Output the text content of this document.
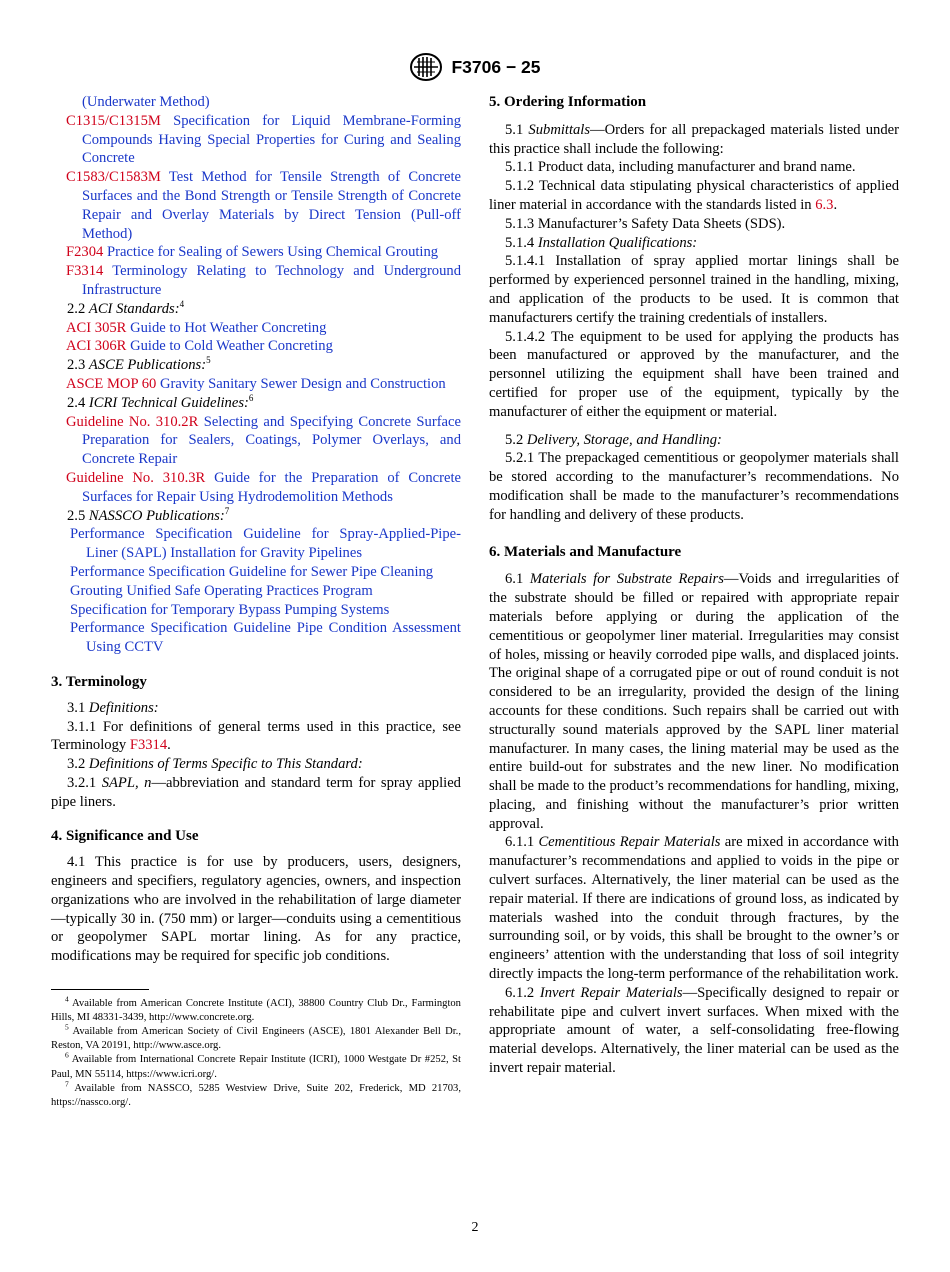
F3706 − 25

(Underwater Method)

C1315/C1315M Specification for Liquid Membrane-Forming Compounds Having Special Properties for Curing and Sealing Concrete

C1583/C1583M Test Method for Tensile Strength of Concrete Surfaces and the Bond Strength or Tensile Strength of Concrete Repair and Overlay Materials by Direct Tension (Pull-off Method)

F2304 Practice for Sealing of Sewers Using Chemical Grouting

F3314 Terminology Relating to Technology and Underground Infrastructure

2.2 ACI Standards:$^4$

ACI 305R Guide to Hot Weather Concreting

ACI 306R Guide to Cold Weather Concreting

2.3 ASCE Publications:$^5$

ASCE MOP 60 Gravity Sanitary Sewer Design and Construction

2.4 ICRI Technical Guidelines:$^6$

Guideline No. 310.2R Selecting and Specifying Concrete Surface Preparation for Sealers, Coatings, Polymer Overlays, and Concrete Repair

Guideline No. 310.3R Guide for the Preparation of Concrete Surfaces for Repair Using Hydrodemolition Methods

2.5 NASSCO Publications:$^7$

Performance Specification Guideline for Spray-Applied-Pipe-Liner (SAPL) Installation for Gravity Pipelines

Performance Specification Guideline for Sewer Pipe Cleaning

Grouting Unified Safe Operating Practices Program

Specification for Temporary Bypass Pumping Systems

Performance Specification Guideline Pipe Condition Assessment Using CCTV

3. Terminology

3.1 Definitions:

3.1.1 For definitions of general terms used in this practice, see Terminology F3314.

3.2 Definitions of Terms Specific to This Standard:

3.2.1 SAPL, n—abbreviation and standard term for spray applied pipe liners.

4. Significance and Use

4.1 This practice is for use by producers, users, designers, engineers and specifiers, regulatory agencies, owners, and inspection organizations who are involved in the rehabilitation of large diameter—typically 30 in. (750 mm) or larger—conduits using a cementitious or geopolymer SAPL mortar lining. As for any practice, modifications may be required for specific job conditions.

$^4$ Available from American Concrete Institute (ACI), 38800 Country Club Dr., Farmington Hills, MI 48331-3439, http://www.concrete.org.

$^5$ Available from American Society of Civil Engineers (ASCE), 1801 Alexander Bell Dr., Reston, VA 20191, http://www.asce.org.

$^6$ Available from International Concrete Repair Institute (ICRI), 1000 Westgate Dr #252, St Paul, MN 55114, https://www.icri.org/.

$^7$ Available from NASSCO, 5285 Westview Drive, Suite 202, Frederick, MD 21703, https://nassco.org/.

5. Ordering Information

5.1 Submittals—Orders for all prepackaged materials listed under this practice shall include the following:

5.1.1 Product data, including manufacturer and brand name.

5.1.2 Technical data stipulating physical characteristics of applied liner material in accordance with the standards listed in 6.3.

5.1.3 Manufacturer’s Safety Data Sheets (SDS).

5.1.4 Installation Qualifications:

5.1.4.1 Installation of spray applied mortar linings shall be performed by experienced personnel trained in the handling, mixing, and application of the products to be used. It is common that manufacturers certify the training credentials of installers.

5.1.4.2 The equipment to be used for applying the products has been manufactured or approved by the manufacturer, and the personnel utilizing the equipment shall have been trained and certified for proper use of the equipment, typically by the manufacturer of either the equipment or material.

5.2 Delivery, Storage, and Handling:

5.2.1 The prepackaged cementitious or geopolymer materials shall be stored according to the manufacturer’s recommendations. No modification shall be made to the manufacturer’s recommendations for handling and delivery of these products.

6. Materials and Manufacture

6.1 Materials for Substrate Repairs—Voids and irregularities of the substrate should be filled or repaired with appropriate repair materials before applying or during the application of the cementitious or geopolymer liner material. Irregularities may consist of holes, missing or heavily corroded pipe walls, and displaced joints. The original shape of a corrugated pipe or out of round conduit is not considered to be an irregularity, provided the design of the lining accounts for these conditions. Such repairs shall be carried out with structurally sound materials approved by the SAPL liner material manufacturer. In many cases, the lining material may be used as the entire build-out for substrates and the new liner. No modification shall be made to the product’s recommendations for handling, mixing, placing, and finishing without the manufacturer’s prior written approval.

6.1.1 Cementitious Repair Materials are mixed in accordance with manufacturer’s recommendations and applied to voids in the pipe or culvert surfaces. Alternatively, the liner material can be used as the repair material. If there are indications of ground loss, as indicated by materials washed into the conduit through fractures, by the surrounding soil, or by voids, this shall be brought to the owner’s or engineers’ attention with the understanding that loss of soil integrity directly impacts the long-term performance of the rehabilitation work.

6.1.2 Invert Repair Materials—Specifically designed to repair or rehabilitate pipe and culvert invert surfaces. When mixed with the appropriate amount of water, a self-consolidating free-flowing material develops. Alternatively, the liner material can be used as the invert repair material.

2
